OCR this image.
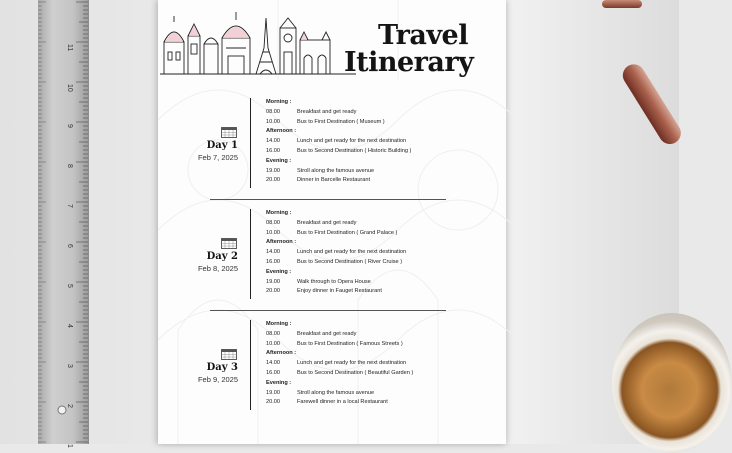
11
10
9
8
7
6
5
4
3
2
1
Travel
Itinerary
Day 1
Feb 7, 2025
Morning :
08.00	Breakfast and get ready
10.00	Bus to First Destination ( Museum )
Afternoon :
14.00	Lunch and get ready for the next destination
16.00	Bus to Second Destination ( Historic Building )
Evening :
19.00	Stroll along the famous avenue
20.00	Dinner in Barcelle Restaurant
Day 2
Feb 8, 2025
Morning :
08.00	Breakfast and get ready
10.00	Bus to First Destination ( Grand Palace )
Afternoon :
14.00	Lunch and get ready for the next destination
16.00	Bus to Second Destination ( River Cruise )
Evening :
19.00	Walk through to Opera House
20.00	Enjoy dinner in Fauget Restaurant
Day 3
Feb 9, 2025
Morning :
08.00	Breakfast and get ready
10.00	Bus to First Destination ( Famous Streets )
Afternoon :
14.00	Lunch and get ready for the next destination
16.00	Bus to Second Destination ( Beautiful Garden )
Evening :
19.00	Stroll along the famous avenue
20.00	Farewell dinner in a local Restaurant
